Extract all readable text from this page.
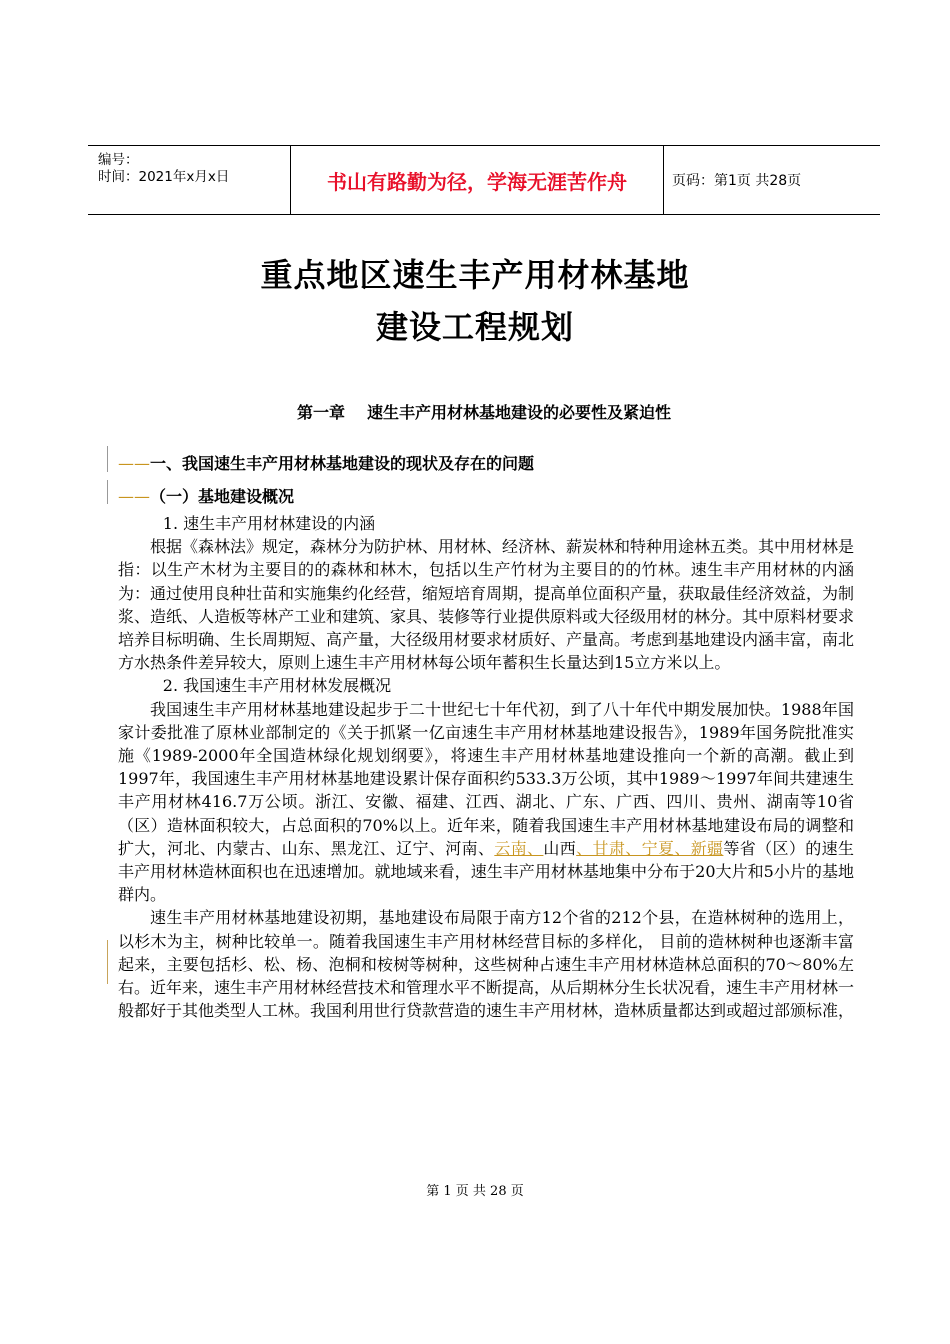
编号：
时间：2021年x月x日	书山有路勤为径，学海无涯苦作舟	页码：第1页 共28页
重点地区速生丰产用材林基地
建设工程规划
第一章 速生丰产用材林基地建设的必要性及紧迫性
——一、我国速生丰产用材林基地建设的现状及存在的问题
——（一）基地建设概况

1. 速生丰产用材林建设的内涵

根据《森林法》规定，森林分为防护林、用材林、经济林、薪炭林和特种用途林五类。其中用材林是指：以生产木材为主要目的的森林和林木，包括以生产竹材为主要目的的竹林。速生丰产用材林的内涵为：通过使用良种壮苗和实施集约化经营，缩短培育周期，提高单位面积产量，获取最佳经济效益，为制浆、造纸、人造板等林产工业和建筑、家具、装修等行业提供原料或大径级用材的林分。其中原料材要求培养目标明确、生长周期短、高产量，大径级用材要求材质好、产量高。考虑到基地建设内涵丰富，南北方水热条件差异较大，原则上速生丰产用材林每公顷年蓄积生长量达到15立方米以上。

2. 我国速生丰产用材林发展概况

我国速生丰产用材林基地建设起步于二十世纪七十年代初，到了八十年代中期发展加快。1988年国家计委批准了原林业部制定的《关于抓紧一亿亩速生丰产用材林基地建设报告》，1989年国务院批准实施《1989-2000年全国造林绿化规划纲要》，将速生丰产用材林基地建设推向一个新的高潮。截止到1997年，我国速生丰产用材林基地建设累计保存面积约533.3万公顷，其中1989～1997年间共建速生丰产用材林416.7万公顷。浙江、安徽、福建、江西、湖北、广东、广西、四川、贵州、湖南等10省（区）造林面积较大，占总面积的70%以上。近年来，随着我国速生丰产用材林基地建设布局的调整和扩大，河北、内蒙古、山东、黑龙江、辽宁、河南、云南、山西、甘肃、宁夏、新疆等省（区）的速生丰产用材林造林面积也在迅速增加。就地域来看，速生丰产用材林基地集中分布于20大片和5小片的基地群内。

速生丰产用材林基地建设初期，基地建设布局限于南方12个省的212个县，在造林树种的选用上，以杉木为主，树种比较单一。随着我国速生丰产用材林经营目标的多样化， 目前的造林树种也逐渐丰富起来，主要包括杉、松、杨、泡桐和桉树等树种，这些树种占速生丰产用材林造林总面积的70～80%左右。近年来，速生丰产用材林经营技术和管理水平不断提高，从后期林分生长状况看，速生丰产用材林一般都好于其他类型人工林。我国利用世行贷款营造的速生丰产用材林，造林质量都达到或超过部颁标准，

第 1 页 共 28 页
